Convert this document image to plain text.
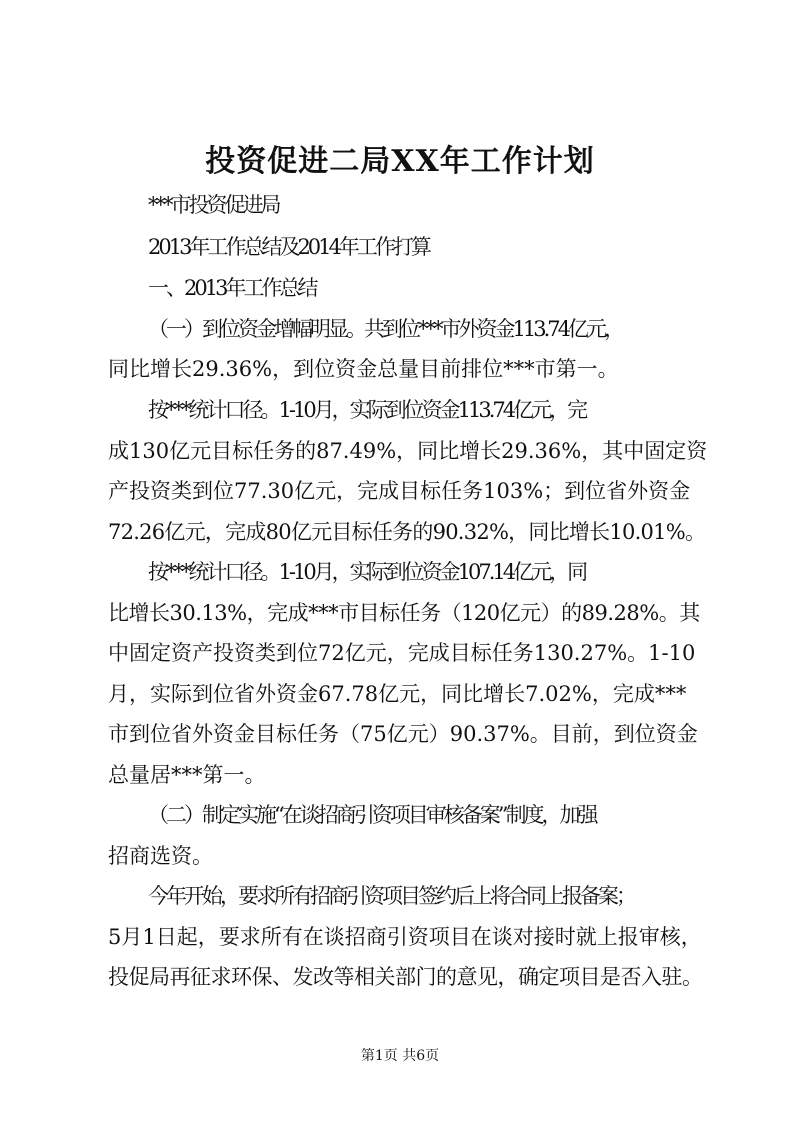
投资促进二局XX年工作计划
***市投资促进局
2013年工作总结及2014年工作打算
一、2013年工作总结
（一）到位资金增幅明显。共到位***市外资金113.74亿元，
同比增长29.36%，到位资金总量目前排位***市第一。
按***统计口径。1-10月，实际到位资金113.74亿元，完
成130亿元目标任务的87.49%，同比增长29.36%，其中固定资
产投资类到位77.30亿元，完成目标任务103%；到位省外资金
72.26亿元，完成80亿元目标任务的90.32%，同比增长10.01%。
按***统计口径。1-10月，实际到位资金107.14亿元，同
比增长30.13%，完成***市目标任务（120亿元）的89.28%。其
中固定资产投资类到位72亿元，完成目标任务130.27%。1-10
月，实际到位省外资金67.78亿元，同比增长7.02%，完成***
市到位省外资金目标任务（75亿元）90.37%。目前，到位资金
总量居***第一。
（二）制定实施“在谈招商引资项目审核备案”制度，加强
招商选资。
今年开始，要求所有招商引资项目签约后上将合同上报备案；
5月1日起，要求所有在谈招商引资项目在谈对接时就上报审核，
投促局再征求环保、发改等相关部门的意见，确定项目是否入驻。
第1页 共6页
